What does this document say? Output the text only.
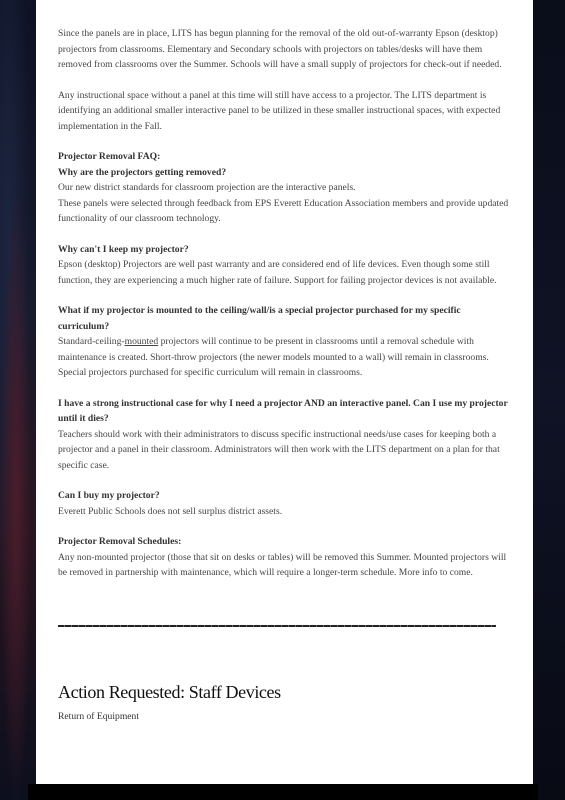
Since the panels are in place, LITS has begun planning for the removal of the old out-of-warranty Epson (desktop) projectors from classrooms. Elementary and Secondary schools with projectors on tables/desks will have them removed from classrooms over the Summer. Schools will have a small supply of projectors for check-out if needed.

Any instructional space without a panel at this time will still have access to a projector. The LITS department is identifying an additional smaller interactive panel to be utilized in these smaller instructional spaces, with expected implementation in the Fall.

Projector Removal FAQ:

Why are the projectors getting removed?

Our new district standards for classroom projection are the interactive panels.

These panels were selected through feedback from EPS Everett Education Association members and provide updated functionality of our classroom technology.

Why can't I keep my projector?

Epson (desktop) Projectors are well past warranty and are considered end of life devices. Even though some still function, they are experiencing a much higher rate of failure. Support for failing projector devices is not available.

What if my projector is mounted to the ceiling/wall/is a special projector purchased for my specific curriculum?

Standard-ceiling-mounted projectors will continue to be present in classrooms until a removal schedule with maintenance is created. Short-throw projectors (the newer models mounted to a wall) will remain in classrooms. Special projectors purchased for specific curriculum will remain in classrooms.

I have a strong instructional case for why I need a projector AND an interactive panel. Can I use my projector until it dies?

Teachers should work with their administrators to discuss specific instructional needs/use cases for keeping both a projector and a panel in their classroom. Administrators will then work with the LITS department on a plan for that specific case.

Can I buy my projector?

Everett Public Schools does not sell surplus district assets.

Projector Removal Schedules:

Any non-mounted projector (those that sit on desks or tables) will be removed this Summer. Mounted projectors will be removed in partnership with maintenance, which will require a longer-term schedule. More info to come.

Action Requested: Staff Devices
Return of Equipment
